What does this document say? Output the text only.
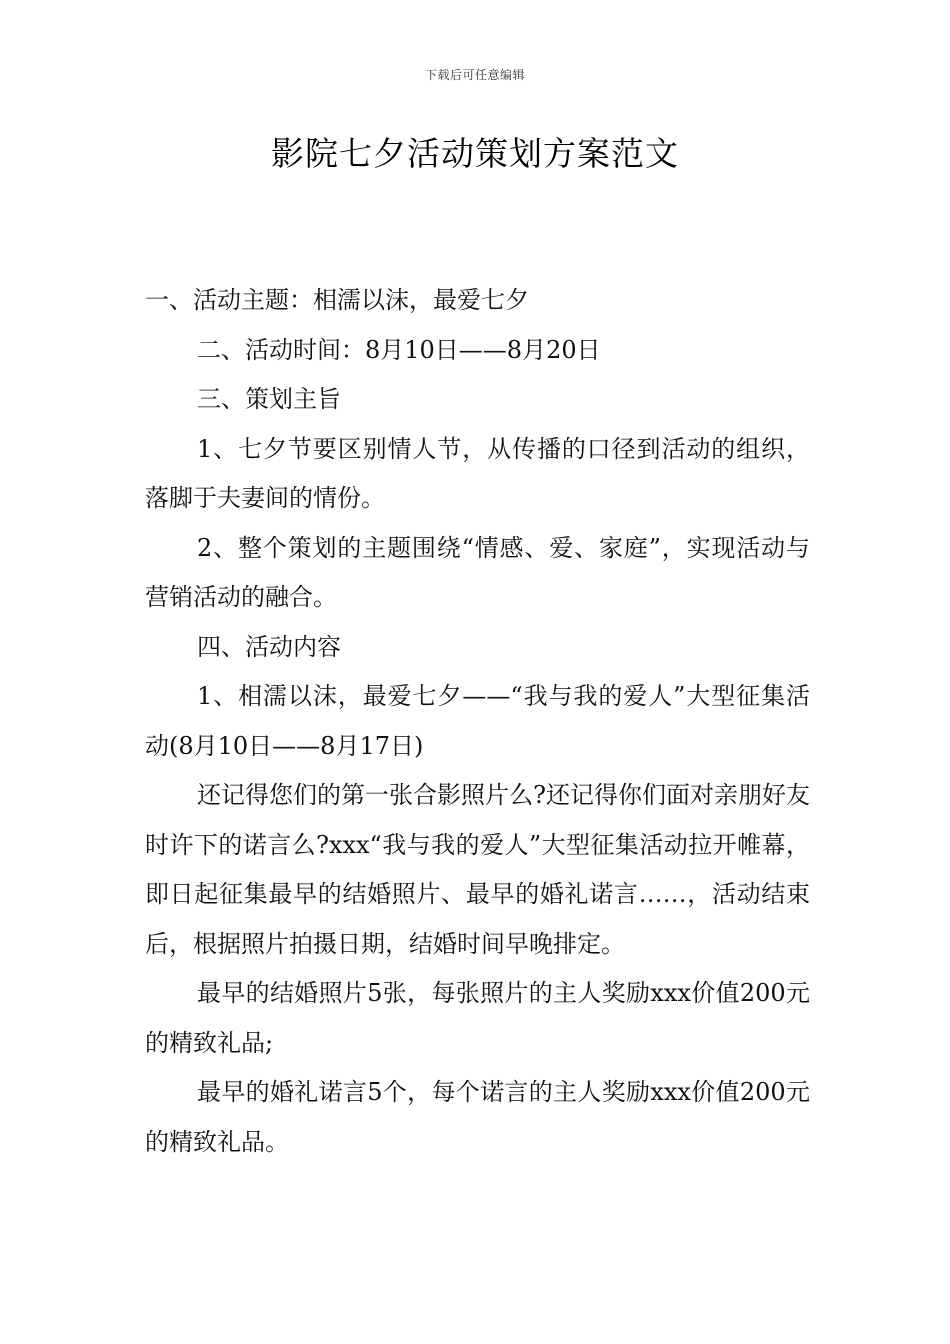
下载后可任意编辑
影院七夕活动策划方案范文

一、活动主题：相濡以沫，最爱七夕

二、活动时间：8月10日——8月20日

三、策划主旨

1、七夕节要区别情人节，从传播的口径到活动的组织，落脚于夫妻间的情份。

2、整个策划的主题围绕“情感、爱、家庭”，实现活动与营销活动的融合。

四、活动内容

1、相濡以沫，最爱七夕——“我与我的爱人”大型征集活动(8月10日——8月17日)

还记得您们的第一张合影照片么?还记得你们面对亲朋好友时许下的诺言么?xxx“我与我的爱人”大型征集活动拉开帷幕，即日起征集最早的结婚照片、最早的婚礼诺言……，活动结束后，根据照片拍摄日期，结婚时间早晚排定。

最早的结婚照片5张，每张照片的主人奖励xxx价值200元的精致礼品;

最早的婚礼诺言5个，每个诺言的主人奖励xxx价值200元的精致礼品。
